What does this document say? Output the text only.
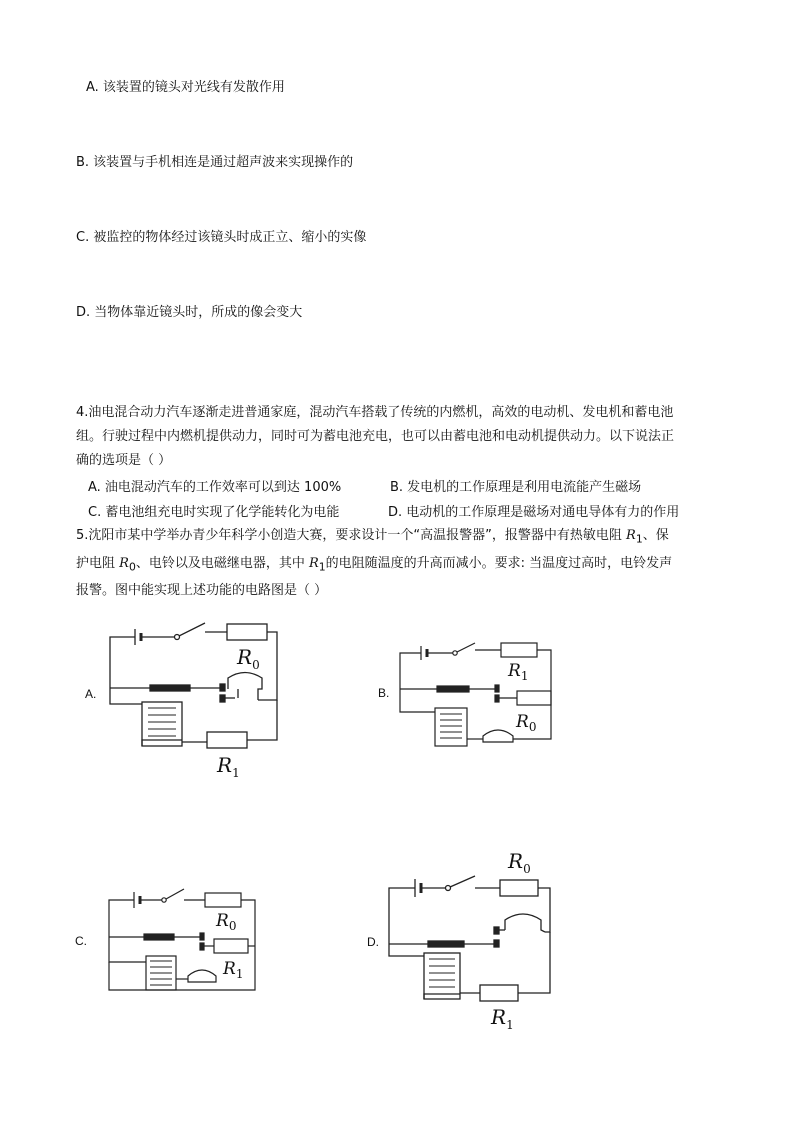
A. 该装置的镜头对光线有发散作用
B. 该装置与手机相连是通过超声波来实现操作的
C. 被监控的物体经过该镜头时成正立、缩小的实像
D. 当物体靠近镜头时，所成的像会变大
4.油电混合动力汽车逐渐走进普通家庭，混动汽车搭载了传统的内燃机，高效的电动机、发电机和蓄电池
组。行驶过程中内燃机提供动力，同时可为蓄电池充电，也可以由蓄电池和电动机提供动力。以下说法正
确的选项是（ ）
A. 油电混动汽车的工作效率可以到达 100%	B. 发电机的工作原理是利用电流能产生磁场
C. 蓄电池组充电时实现了化学能转化为电能	D. 电动机的工作原理是磁场对通电导体有力的作用
5.沈阳市某中学举办青少年科学小创造大赛，要求设计一个“高温报警器”，报警器中有热敏电阻 $R_1$、保
护电阻 $R_0$、电铃以及电磁继电器，其中 $R_1$的电阻随温度的升高而减小。要求: 当温度过高时，电铃发声
报警。图中能实现上述功能的电路图是（ ）
A.
$R_0$
$R_1$
B.
$R_1$
$R_0$
C.
$R_0$
$R_1$
D.
$R_0$
$R_1$
